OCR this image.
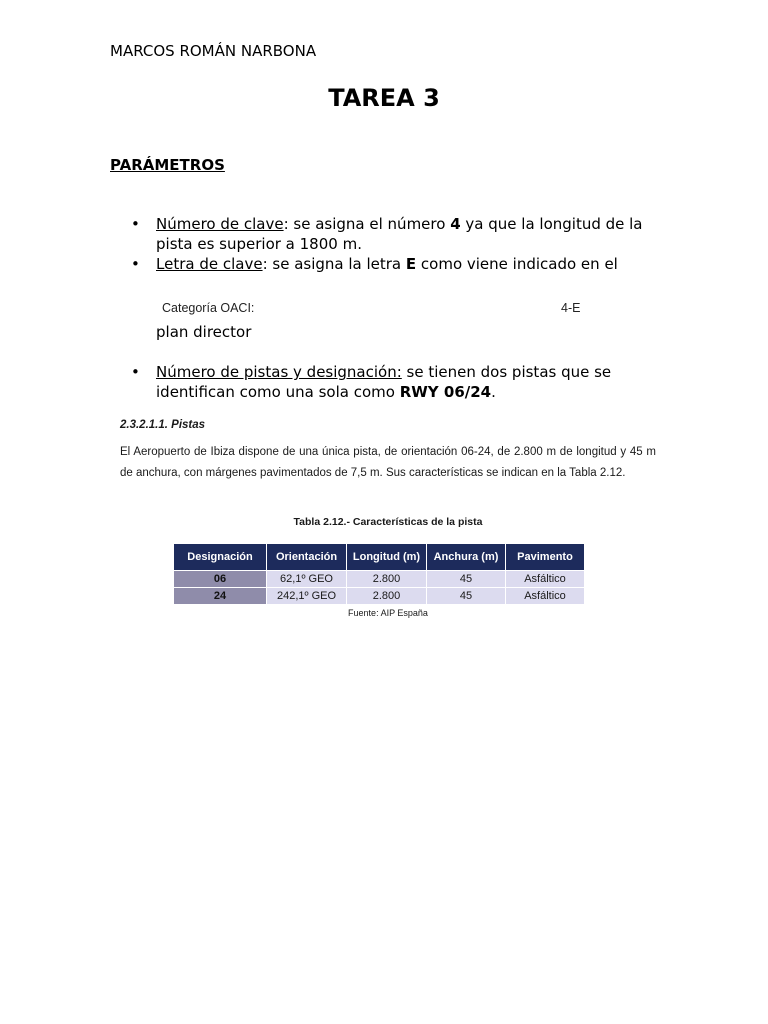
MARCOS ROMÁN NARBONA
TAREA 3
PARÁMETROS
• Número de clave: se asigna el número 4 ya que la longitud de la pista es superior a 1800 m.
• Letra de clave: se asigna la letra E como viene indicado en el
Categoría OACI:	4-E
plan director
• Número de pistas y designación: se tienen dos pistas que se identifican como una sola como RWY 06/24.
2.3.2.1.1. Pistas
El Aeropuerto de Ibiza dispone de una única pista, de orientación 06-24, de 2.800 m de longitud y 45 m de anchura, con márgenes pavimentados de 7,5 m. Sus características se indican en la Tabla 2.12.
Tabla 2.12.- Características de la pista
Designación	Orientación	Longitud (m)	Anchura (m)	Pavimento
06	62,1º GEO	2.800	45	Asfáltico
24	242,1º GEO	2.800	45	Asfáltico
Fuente: AIP España
